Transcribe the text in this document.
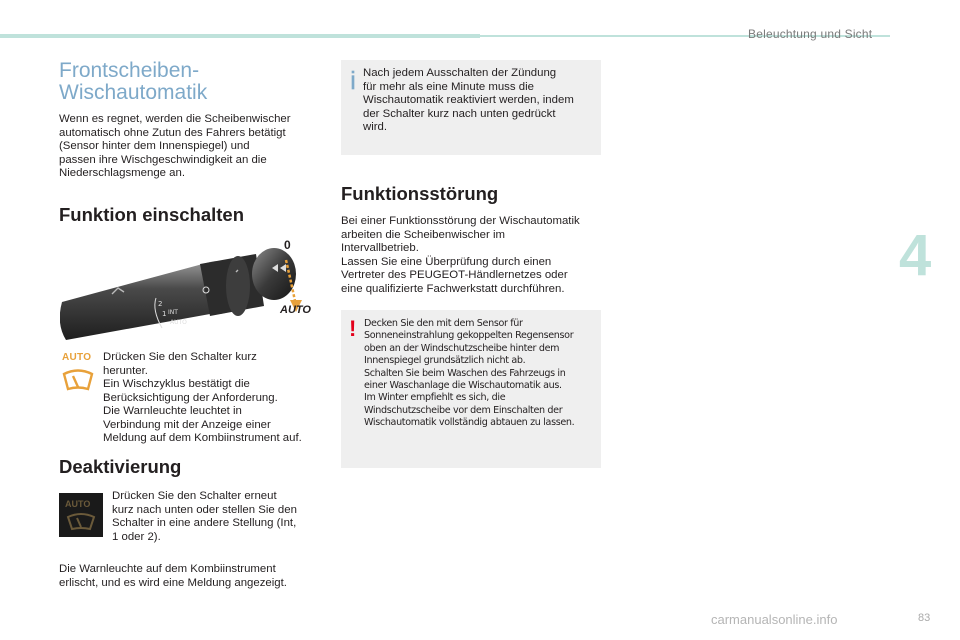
Beleuchtung und Sicht
4
Frontscheiben-
Wischautomatik
Wenn es regnet, werden die Scheibenwischer
automatisch ohne Zutun des Fahrers betätigt
(Sensor hinter dem Innenspiegel) und
passen ihre Wischgeschwindigkeit an die
Niederschlagsmenge an.
Funktion einschalten
2
1 INT
AUTO
0
AUTO
AUTO Drücken Sie den Schalter kurz
herunter.
Ein Wischzyklus bestätigt die
Berücksichtigung der Anforderung.
Die Warnleuchte leuchtet in
Verbindung mit der Anzeige einer
Meldung auf dem Kombiinstrument auf.
Deaktivierung
AUTO
Drücken Sie den Schalter erneut
kurz nach unten oder stellen Sie den
Schalter in eine andere Stellung (Int,
1 oder 2).
Die Warnleuchte auf dem Kombiinstrument
erlischt, und es wird eine Meldung angezeigt.
Nach jedem Ausschalten der Zündung
für mehr als eine Minute muss die
Wischautomatik reaktiviert werden, indem
der Schalter kurz nach unten gedrückt
wird.
Funktionsstörung
Bei einer Funktionsstörung der Wischautomatik
arbeiten die Scheibenwischer im
Intervallbetrieb.
Lassen Sie eine Überprüfung durch einen
Vertreter des PEUGEOT-Händlernetzes oder
eine qualifizierte Fachwerkstatt durchführen.
! Decken Sie den mit dem Sensor für
Sonneneinstrahlung gekoppelten Regensensor
oben an der Windschutzscheibe hinter dem
Innenspiegel grundsätzlich nicht ab.
Schalten Sie beim Waschen des Fahrzeugs in
einer Waschanlage die Wischautomatik aus.
Im Winter empfiehlt es sich, die
Windschutzscheibe vor dem Einschalten der
Wischautomatik vollständig abtauen zu lassen.
carmanualsonline.info	83
